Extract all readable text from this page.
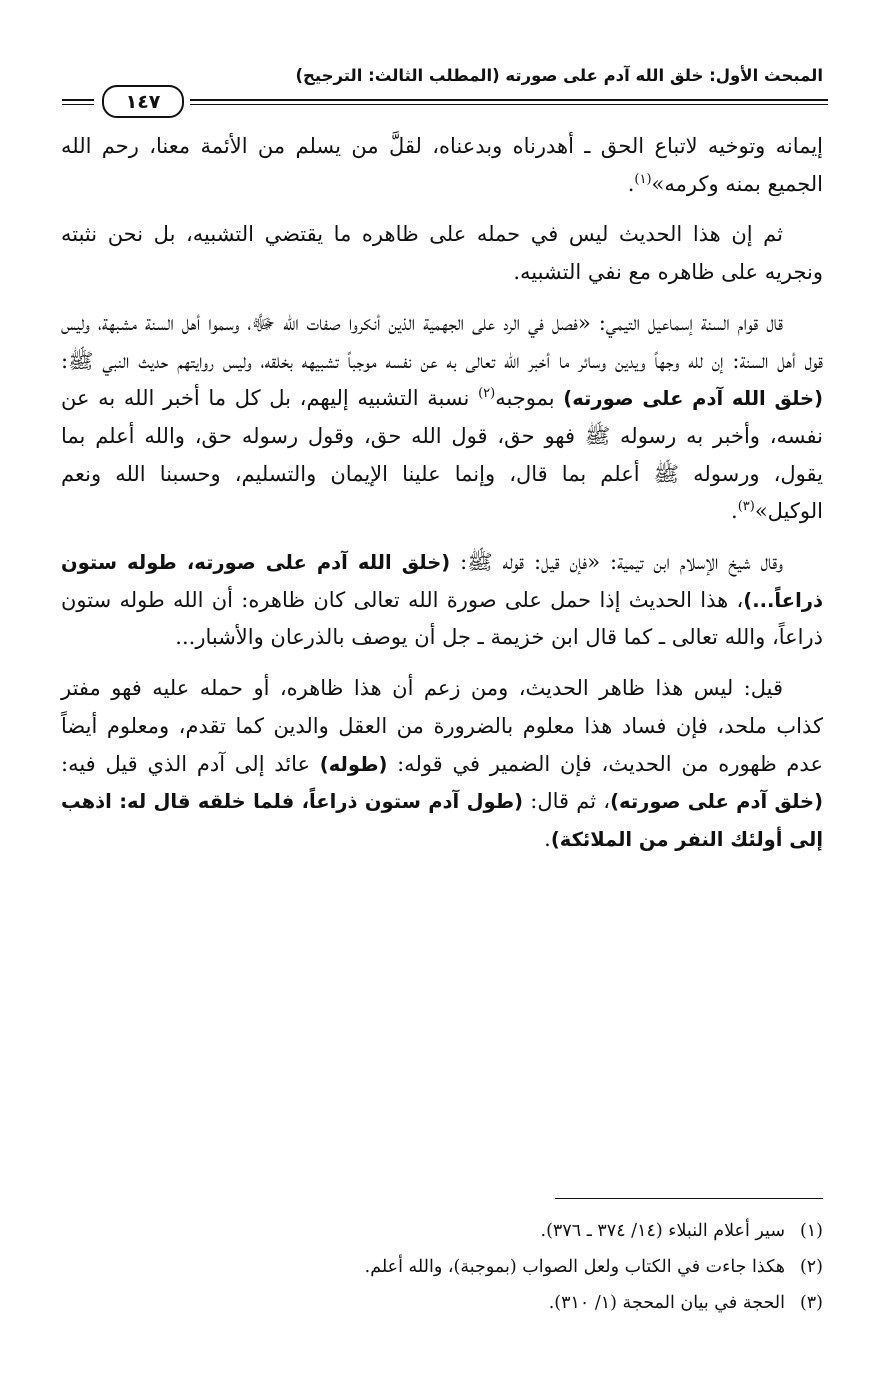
المبحث الأول: خلق الله آدم على صورته (المطلب الثالث: الترجيح)
١٤٧

إيمانه وتوخيه لاتباع الحق ـ أهدرناه وبدعناه، لقلَّ من يسلم من الأئمة معنا، رحم الله الجميع بمنه وكرمه»$^{(١)}$.

ثم إن هذا الحديث ليس في حمله على ظاهره ما يقتضي التشبيه، بل نحن نثبته ونجريه على ظاهره مع نفي التشبيه.

قال قوام السنة إسماعيل التيمي: «فصل في الرد على الجهمية الذين أنكروا صفات الله ﷻ، وسموا أهل السنة مشبهة، وليس قول أهل السنة: إن لله وجهاً ويدين وسائر ما أخبر الله تعالى به عن نفسه موجباً تشبيهه بخلقه، وليس روايتهم حديث النبي ﷺ: (خلق الله آدم على صورته) بموجبه$^{(٢)}$ نسبة التشبيه إليهم، بل كل ما أخبر الله به عن نفسه، وأخبر به رسوله ﷺ فهو حق، قول الله حق، وقول رسوله حق، والله أعلم بما يقول، ورسوله ﷺ أعلم بما قال، وإنما علينا الإيمان والتسليم، وحسبنا الله ونعم الوكيل»$^{(٣)}$.

وقال شيخ الإسلام ابن تيمية: «فإن قيل: قوله ﷺ: (خلق الله آدم على صورته، طوله ستون ذراعاً...)، هذا الحديث إذا حمل على صورة الله تعالى كان ظاهره: أن الله طوله ستون ذراعاً، والله تعالى ـ كما قال ابن خزيمة ـ جل أن يوصف بالذرعان والأشبار...

قيل: ليس هذا ظاهر الحديث، ومن زعم أن هذا ظاهره، أو حمله عليه فهو مفتر كذاب ملحد، فإن فساد هذا معلوم بالضرورة من العقل والدين كما تقدم، ومعلوم أيضاً عدم ظهوره من الحديث، فإن الضمير في قوله: (طوله) عائد إلى آدم الذي قيل فيه: (خلق آدم على صورته)، ثم قال: (طول آدم ستون ذراعاً، فلما خلقه قال له: اذهب إلى أولئك النفر من الملائكة).

(١)سير أعلام النبلاء (١٤/ ٣٧٤ ـ ٣٧٦).

(٢)هكذا جاءت في الكتاب ولعل الصواب (بموجبة)، والله أعلم.

(٣)الحجة في بيان المحجة (١/ ٣١٠).
